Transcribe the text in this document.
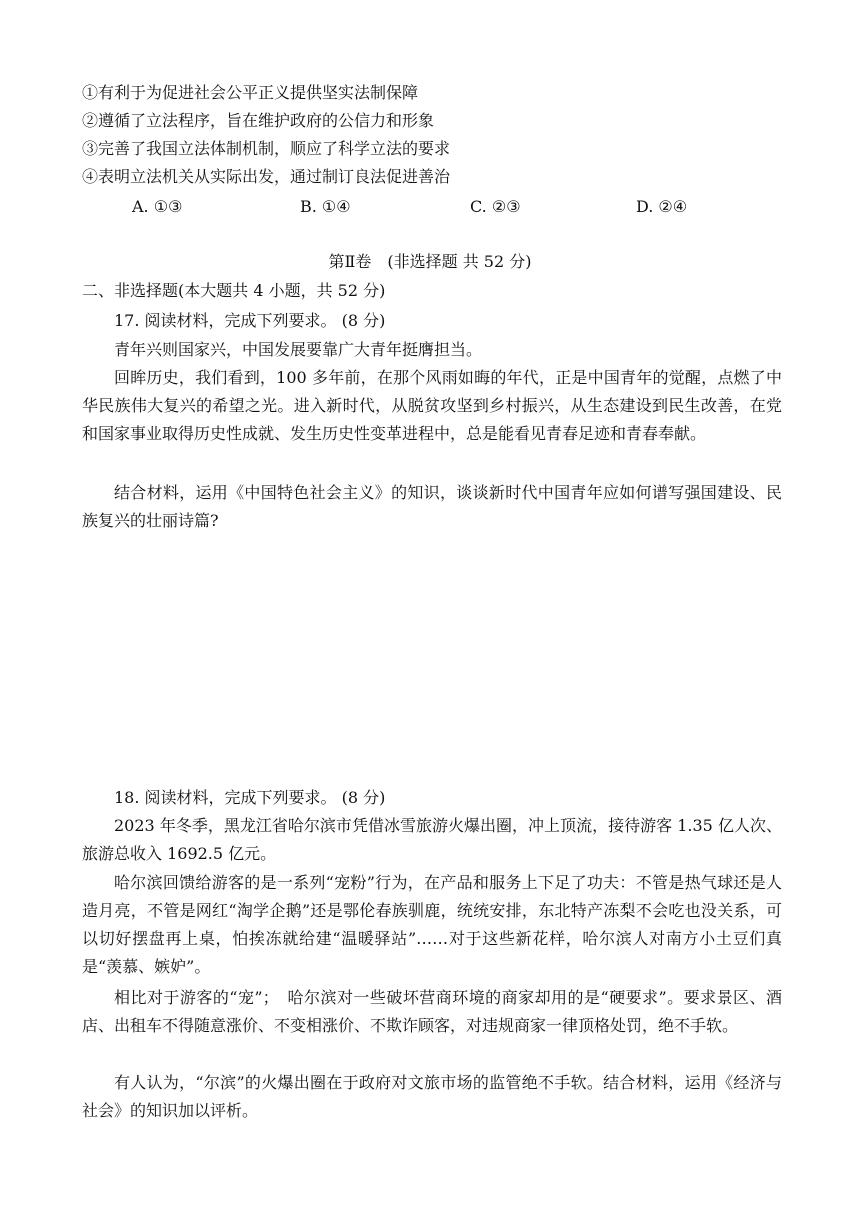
①有利于为促进社会公平正义提供坚实法制保障
②遵循了立法程序，旨在维护政府的公信力和形象
③完善了我国立法体制机制，顺应了科学立法的要求
④表明立法机关从实际出发，通过制订良法促进善治
A. ①③	B. ①④	C. ②③	D. ②④
第Ⅱ卷　(非选择题 共 52 分)
二、非选择题(本大题共 4 小题，共 52 分)
17. 阅读材料，完成下列要求。 (8 分)
青年兴则国家兴，中国发展要靠广大青年挺膺担当。
回眸历史，我们看到，100 多年前，在那个风雨如晦的年代，正是中国青年的觉醒，点燃了中华民族伟大复兴的希望之光。进入新时代，从脱贫攻坚到乡村振兴，从生态建设到民生改善，在党和国家事业取得历史性成就、发生历史性变革进程中，总是能看见青春足迹和青春奉献。
结合材料，运用《中国特色社会主义》的知识，谈谈新时代中国青年应如何谱写强国建设、民族复兴的壮丽诗篇?
18. 阅读材料，完成下列要求。 (8 分)
2023 年冬季，黑龙江省哈尔滨市凭借冰雪旅游火爆出圈，冲上顶流，接待游客 1.35 亿人次、旅游总收入 1692.5 亿元。
哈尔滨回馈给游客的是一系列“宠粉”行为，在产品和服务上下足了功夫：不管是热气球还是人造月亮，不管是网红“淘学企鹅”还是鄂伦春族驯鹿，统统安排，东北特产冻梨不会吃也没关系，可以切好摆盘再上桌，怕挨冻就给建“温暖驿站”……对于这些新花样，哈尔滨人对南方小土豆们真是“羡慕、嫉妒”。
相比对于游客的“宠”；　哈尔滨对一些破坏营商环境的商家却用的是“硬要求”。要求景区、酒店、出租车不得随意涨价、不变相涨价、不欺诈顾客，对违规商家一律顶格处罚，绝不手软。
有人认为，“尔滨”的火爆出圈在于政府对文旅市场的监管绝不手软。结合材料，运用《经济与社会》的知识加以评析。
